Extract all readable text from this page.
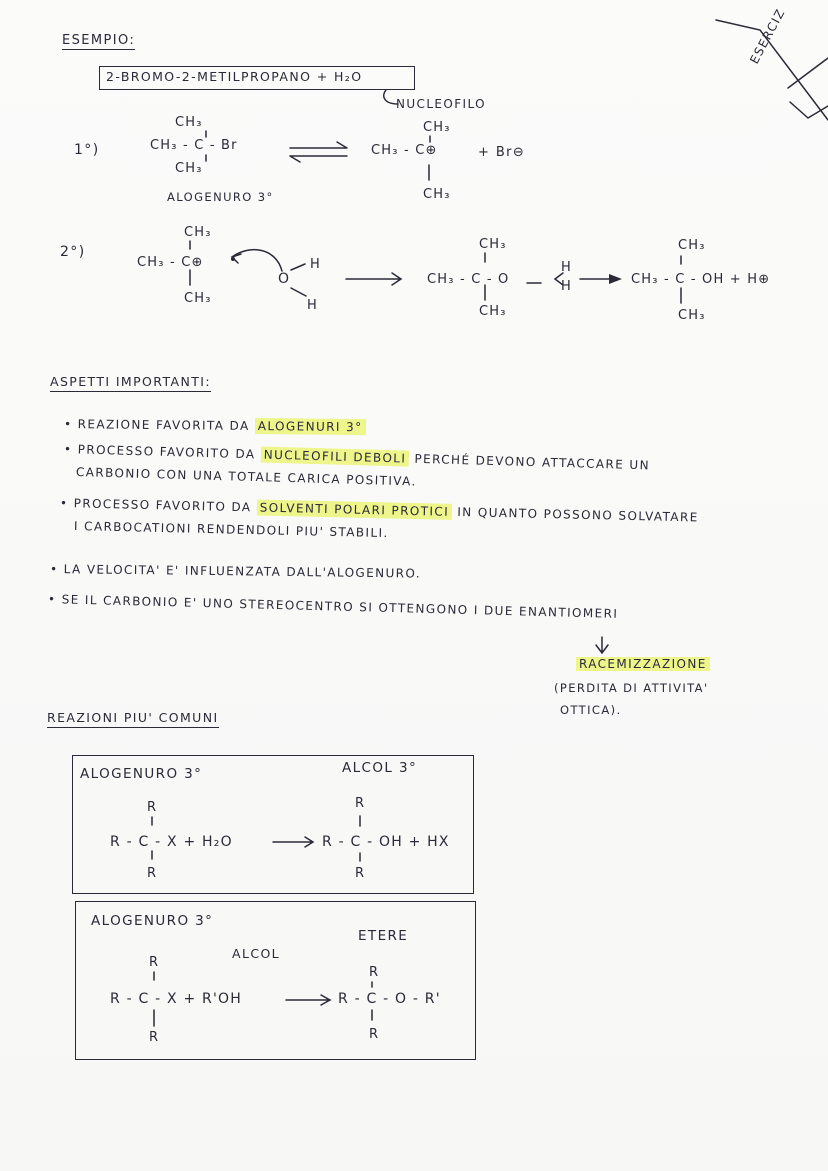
ESEMPIO:
2-BROMO-2-METILPROPANO + H₂O
NUCLEOFILO
ESERCIZ
1°)
CH₃
CH₃ - C - Br
CH₃
ALOGENURO 3°
CH₃
CH₃ - C⊕
CH₃
+ Br⊖
2°)
CH₃
CH₃ - C⊕
CH₃
O
H
H
CH₃
CH₃ - C - O
CH₃
H
H
CH₃
CH₃ - C - OH + H⊕
CH₃
ASPETTI IMPORTANTI:
• REAZIONE FAVORITA DA ALOGENURI 3°
• PROCESSO FAVORITO DA NUCLEOFILI DEBOLI PERCHÉ DEVONO ATTACCARE UN
CARBONIO CON UNA TOTALE CARICA POSITIVA.
• PROCESSO FAVORITO DA SOLVENTI POLARI PROTICI IN QUANTO POSSONO SOLVATARE
I CARBOCATIONI RENDENDOLI PIU' STABILI.
• LA VELOCITA' E' INFLUENZATA DALL'ALOGENURO.
• SE IL CARBONIO E' UNO STEREOCENTRO SI OTTENGONO I DUE ENANTIOMERI
RACEMIZZAZIONE
(PERDITA DI ATTIVITA'
OTTICA).
REAZIONI PIU' COMUNI
ALOGENURO 3°	ALCOL 3°
R
R - C - X + H₂O
R
R
R - C - OH + HX
R
ALOGENURO 3°
ALCOL
ETERE
R
R - C - X + R'OH
R
R
R - C - O - R'
R
